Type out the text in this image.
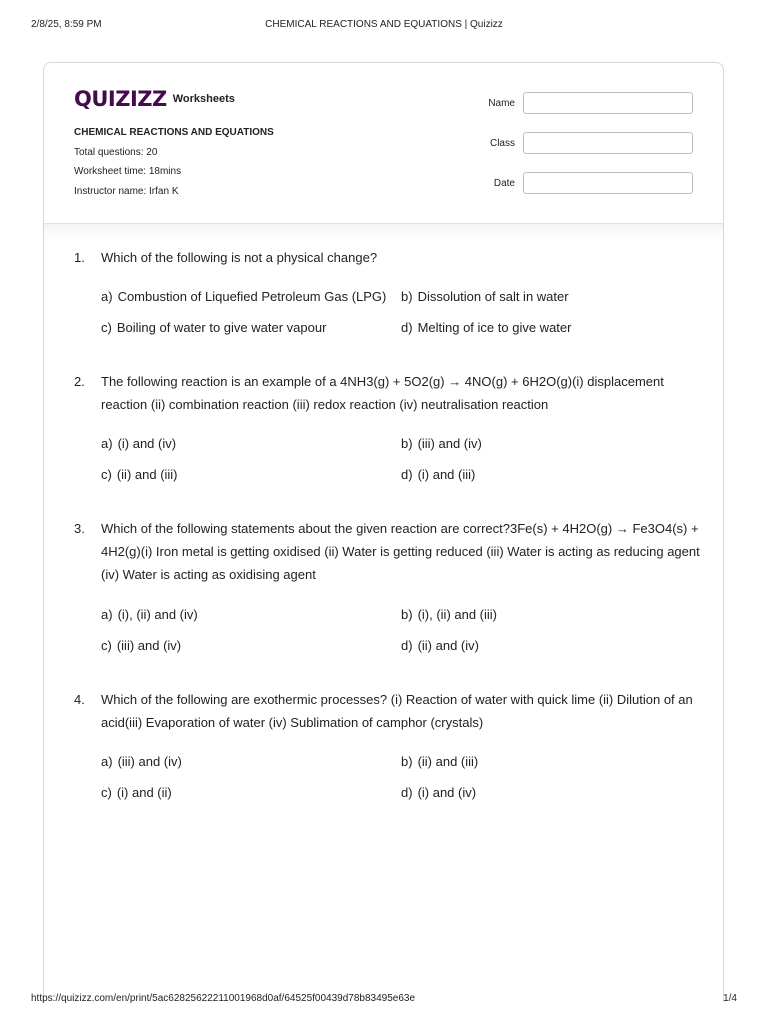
2/8/25, 8:59 PM	CHEMICAL REACTIONS AND EQUATIONS | Quizizz
QUIZIZZ Worksheets
CHEMICAL REACTIONS AND EQUATIONS
Total questions: 20
Worksheet time: 18mins
Instructor name: Irfan K
Name
Class
Date
1. Which of the following is not a physical change?
a) Combustion of Liquefied Petroleum Gas (LPG) b) Dissolution of salt in water
c) Boiling of water to give water vapour	d) Melting of ice to give water
2. The following reaction is an example of a 4NH3(g) + 5O2(g) → 4NO(g) + 6H2O(g)(i) displacement reaction (ii) combination reaction (iii) redox reaction (iv) neutralisation reaction
a) (i) and (iv)	b) (iii) and (iv)
c) (ii) and (iii)	d) (i) and (iii)
3. Which of the following statements about the given reaction are correct?3Fe(s) + 4H2O(g) → Fe3O4(s) + 4H2(g)(i) Iron metal is getting oxidised (ii) Water is getting reduced (iii) Water is acting as reducing agent (iv) Water is acting as oxidising agent
a) (i), (ii) and (iv)	b) (i), (ii) and (iii)
c) (iii) and (iv)	d) (ii) and (iv)
4. Which of the following are exothermic processes? (i) Reaction of water with quick lime (ii) Dilution of an acid(iii) Evaporation of water (iv) Sublimation of camphor (crystals)
a) (iii) and (iv)	b) (ii) and (iii)
c) (i) and (ii)	d) (i) and (iv)
https://quizizz.com/en/print/5ac62825622211001968d0af/64525f00439d78b83495e63e	1/4
